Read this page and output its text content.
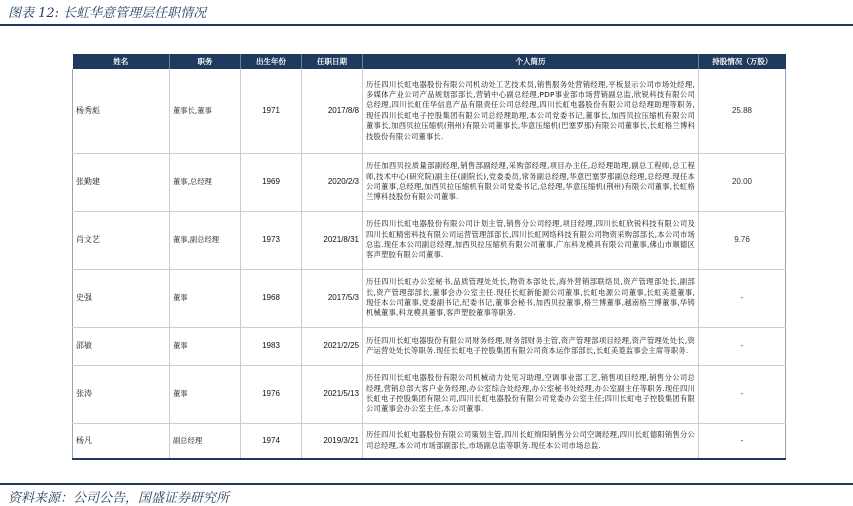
图表 12: 长虹华意管理层任职情况
姓名	职务	出生年份	任职日期	个人简历	持股情况（万股）
杨秀彪	董事长,董事	1971	2017/8/8	历任四川长虹电器股份有限公司机动处工艺技术员,销售服务处营销经理,平板显示公司市场处经理,多媒体产业公司产品规划部部长,营销中心副总经理,PDP事业部市场营销副总监,欣锐科技有限公司总经理,四川长虹佳华信息产品有限责任公司总经理,四川长虹电器股份有限公司总经理助理等职务,现任四川长虹电子控股集团有限公司总经理助理,本公司党委书记,董事长,加西贝拉压缩机有限公司董事长,加西贝拉压缩机(荆州)有限公司董事长,华意压缩机(巴塞罗那)有限公司董事长,长虹格兰博科技股份有限公司董事长.	25.88
张勤建	董事,总经理	1969	2020/2/3	历任加西贝拉质量部副经理,销售部副经理,采购部经理,项目办主任,总经理助理,副总工程师,总工程师,技术中心(研究院)副主任(副院长),党委委员,常务副总经理,华意巴塞罗那副总经理,总经理.现任本公司董事,总经理,加西贝拉压缩机有限公司党委书记,总经理,华意压缩机(荆州)有限公司董事,长虹格兰博科技股份有限公司董事.	20.00
肖文艺	董事,副总经理	1973	2021/8/31	历任四川长虹电器股份有限公司计划主管,销售分公司经理,项目经理,四川长虹欣锐科技有限公司及四川长虹精密科技有限公司运营管理部部长,四川长虹网络科技有限公司物资采购部部长,本公司市场总监.现任本公司副总经理,加西贝拉压缩机有限公司董事,广东科龙模具有限公司董事,佛山市顺德区客声塑胶有限公司董事.	9.76
史强	董事	1968	2017/5/3	历任四川长虹办公室秘书,品质管理处处长,物资本部处长,海外营销部联络员,资产管理部处长,副部长,资产管理部部长,董事会办公室主任.现任长虹新能源公司董事,长虹电源公司董事,长虹美菱董事,现任本公司董事,党委副书记,纪委书记,董事会秘书,加西贝拉董事,格兰博董事,越南格兰博董事,华铸机械董事,科龙模具董事,客声塑胶董事等职务.	-
邵敏	董事	1983	2021/2/25	历任四川长虹电器股份有限公司财务经理,财务部财务主管,资产管理部项目经理,资产管理处处长,资产运营处处长等职务.现任长虹电子控股集团有限公司资本运作部部长,长虹美菱监事会主席等职务.	-
张涛	董事	1976	2021/5/13	历任四川长虹电器股份有限公司机械动力处见习助理,空调事业部工艺,销售项目经理,销售分公司总经理,营销总部大客户业务经理,办公室综合处经理,办公室秘书处经理,办公室副主任等职务.现任四川长虹电子控股集团有限公司,四川长虹电器股份有限公司党委办公室主任;四川长虹电子控股集团有限公司董事会办公室主任,本公司董事.	-
杨凡	副总经理	1974	2019/3/21	历任四川长虹电器股份有限公司策划主管,四川长虹绵阳销售分公司空调经理,四川长虹德阳销售分公司总经理,本公司市场部副部长,市场副总监等职务.现任本公司市场总监.	-
资料来源：公司公告，国盛证券研究所
